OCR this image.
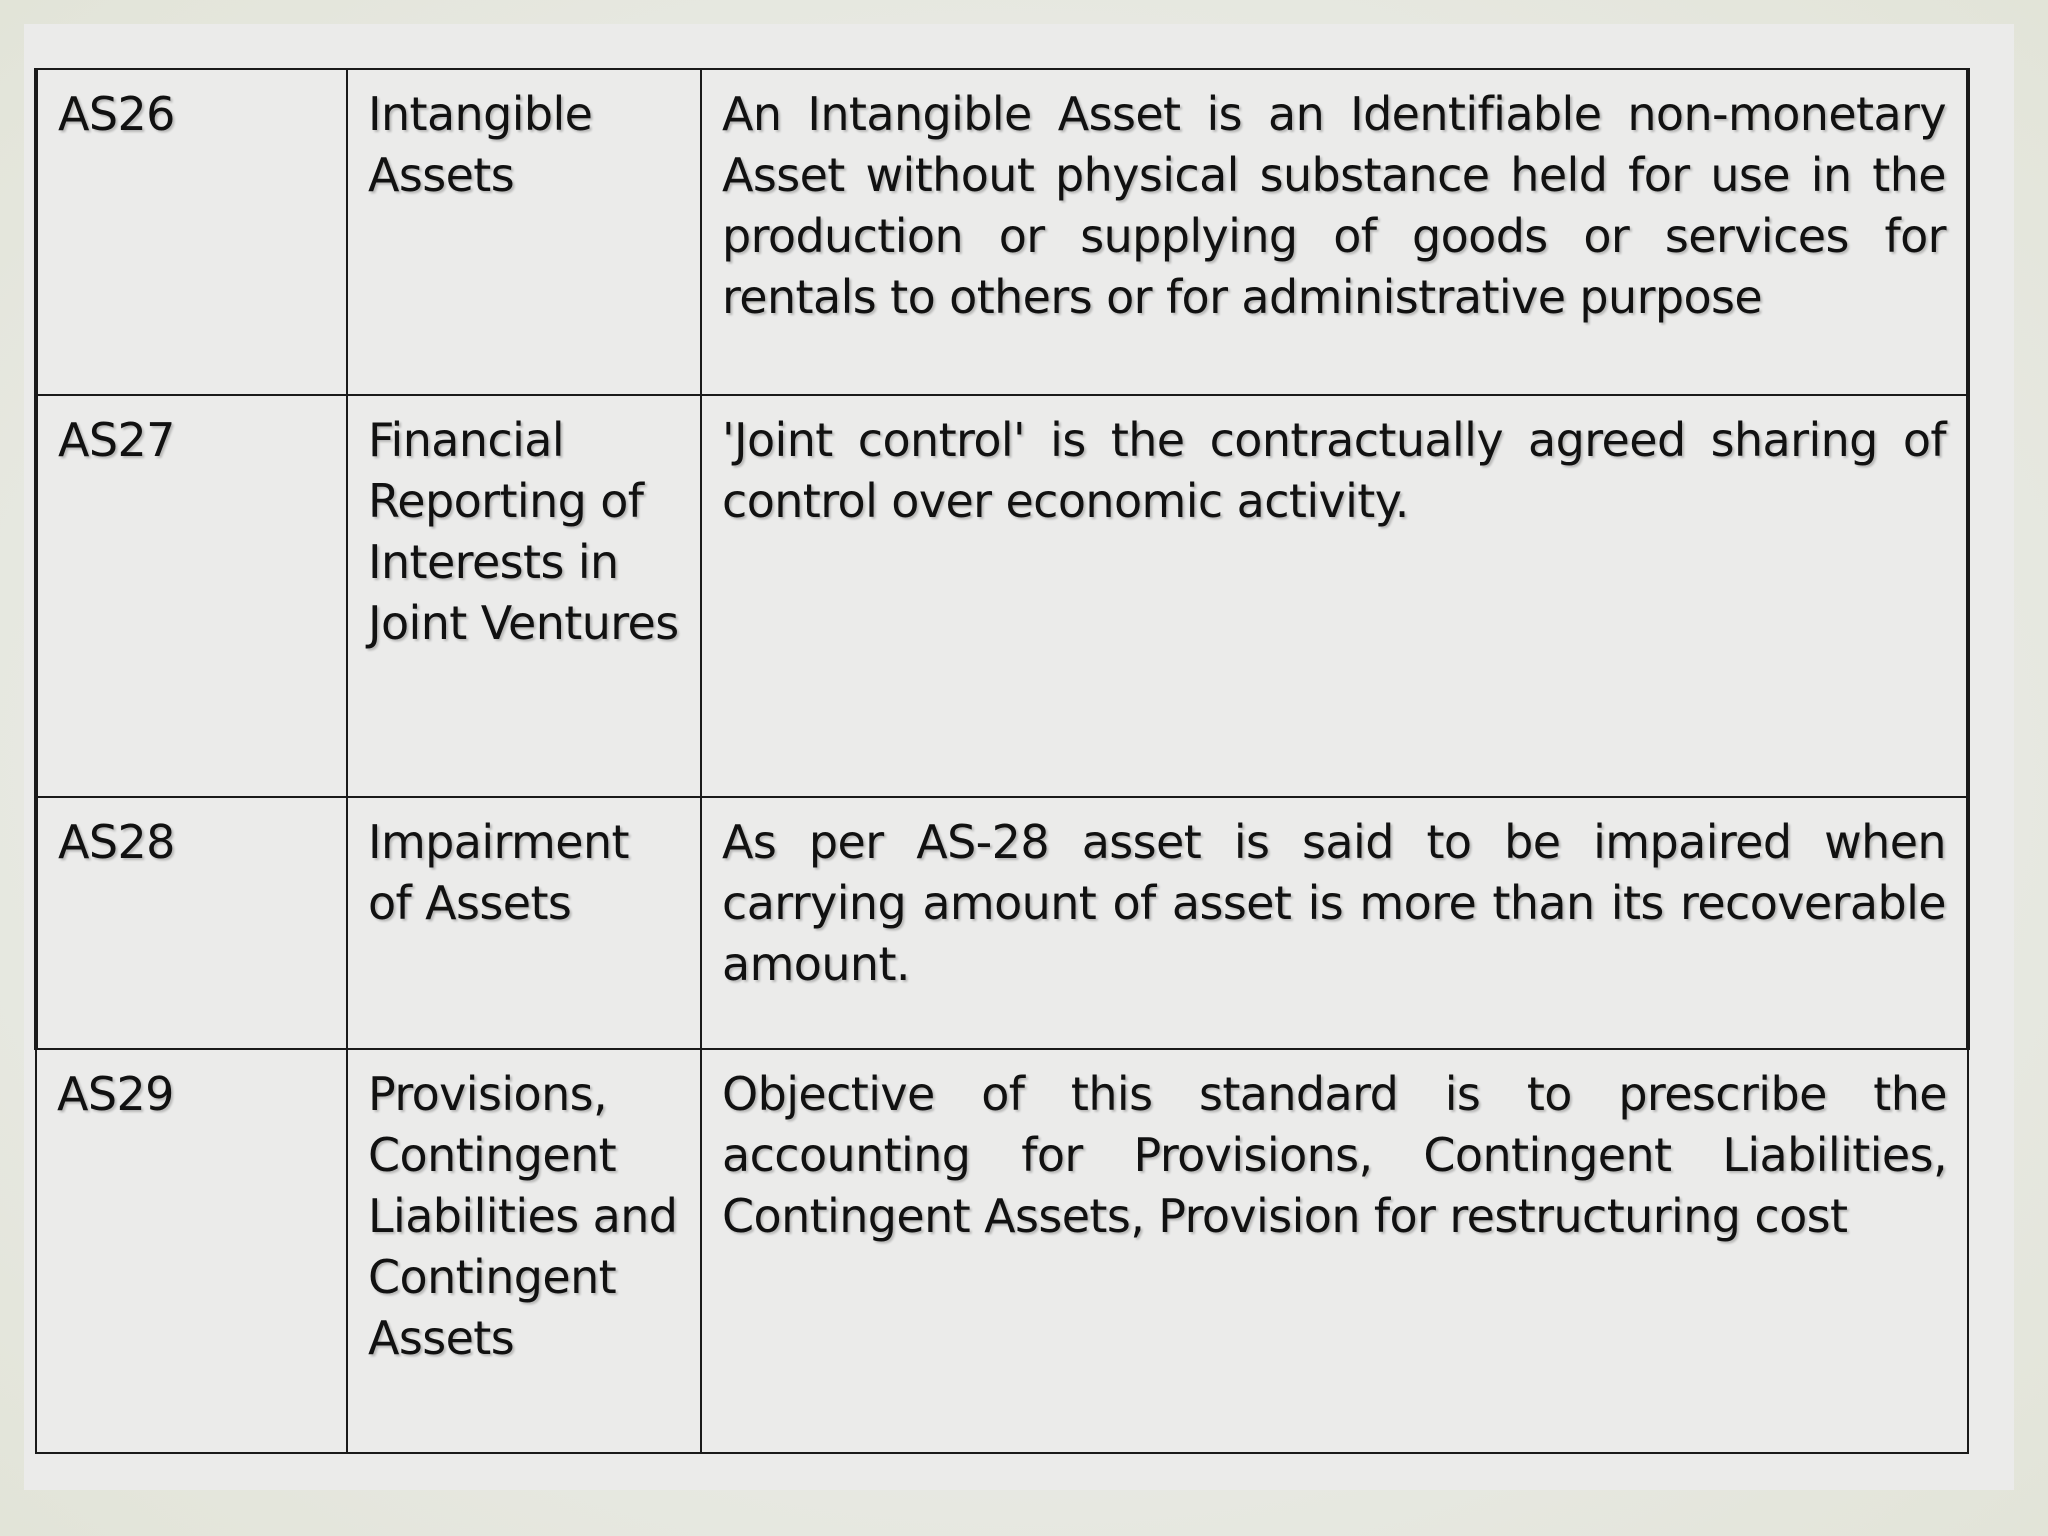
AS26	Intangible Assets	An Intangible Asset is an Identifiable non-monetary Asset without physical substance held for use in the production or supplying of goods or services for rentals to others or for administrative purpose
AS27	Financial Reporting of Interests in Joint Ventures	'Joint control' is the contractually agreed sharing of control over economic activity.
AS28	Impairment of Assets	As per AS-28 asset is said to be impaired when carrying amount of asset is more than its recoverable amount.
AS29	Provisions, Contingent Liabilities and Contingent Assets	Objective of this standard is to prescribe the accounting for Provisions, Contingent Liabilities, Contingent Assets, Provision for restructuring cost
